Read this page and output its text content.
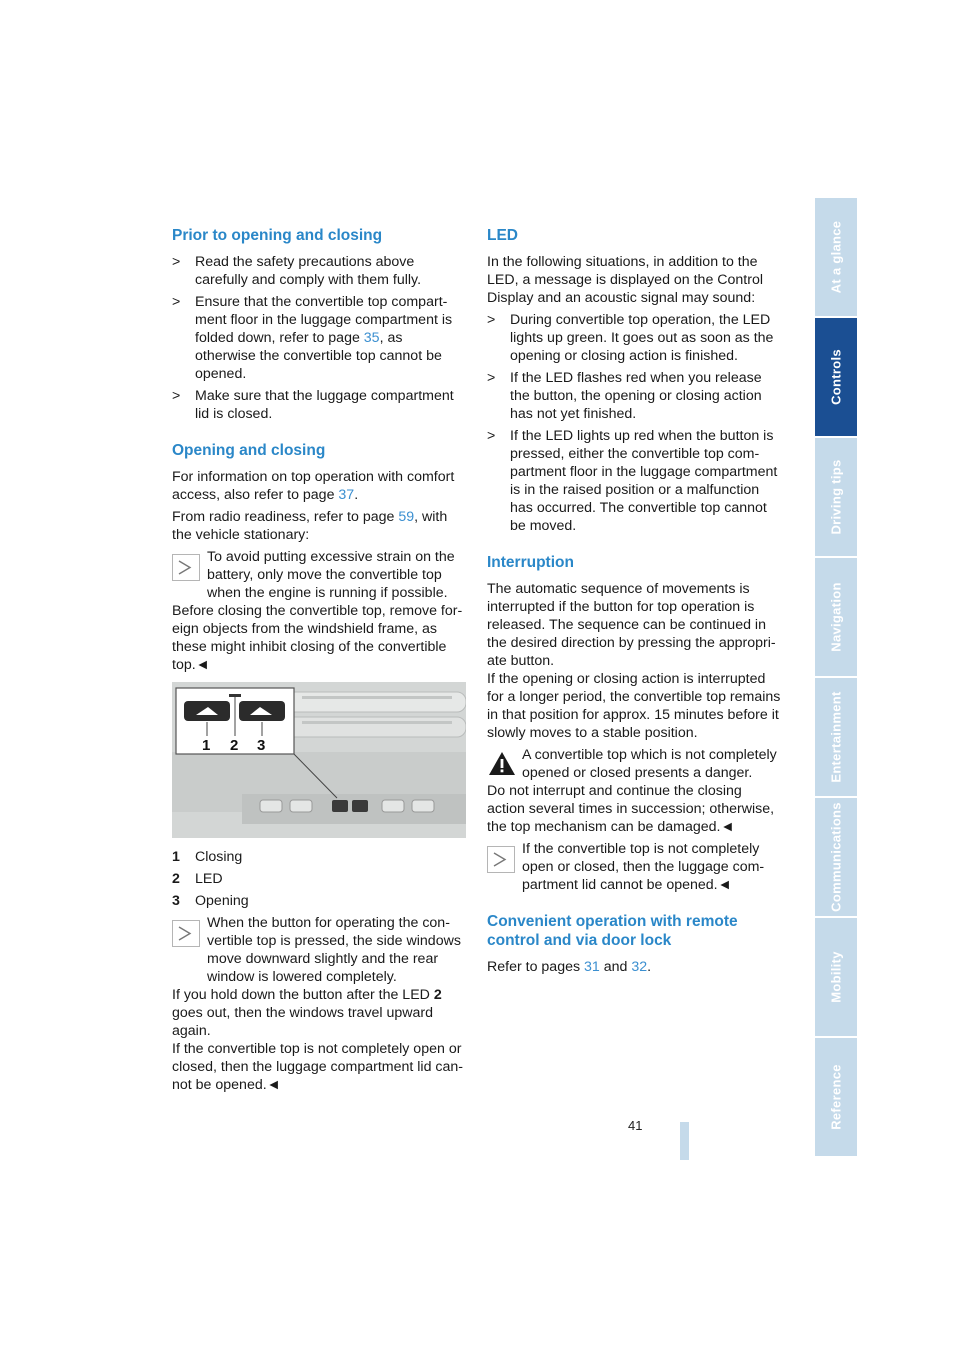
Prior to opening and closing
>	Read the safety precautions above carefully and comply with them fully.
>	Ensure that the convertible top compartment floor in the luggage compartment is folded down, refer to page 35, as otherwise the convertible top cannot be opened.
>	Make sure that the luggage compartment lid is closed.
Opening and closing

For information on top operation with comfort access, also refer to page 37.

From radio readiness, refer to page 59, with the vehicle stationary:

To avoid putting excessive strain on the battery, only move the convertible top when the engine is running if possible.
Before closing the convertible top, remove foreign objects from the windshield frame, as these might inhibit closing of the convertible top.◄
1 2 3
1	Closing
2	LED
3	Opening
When the button for operating the convertible top is pressed, the side windows move downward slightly and the rear window is lowered completely.
If you hold down the button after the LED 2 goes out, then the windows travel upward again.
If the convertible top is not completely open or closed, then the luggage compartment lid cannot be opened.◄
LED

In the following situations, in addition to the LED, a message is displayed on the Control Display and an acoustic signal may sound:

>	During convertible top operation, the LED lights up green. It goes out as soon as the opening or closing action is finished.
>	If the LED flashes red when you release the button, the opening or closing action has not yet finished.
>	If the LED lights up red when the button is pressed, either the convertible top compartment floor in the luggage compartment is in the raised position or a malfunction has occurred. The convertible top cannot be moved.
Interruption

The automatic sequence of movements is interrupted if the button for top operation is released. The sequence can be continued in the desired direction by pressing the appropriate button.

If the opening or closing action is interrupted for a longer period, the convertible top remains in that position for approx. 15 minutes before it slowly moves to a stable position.

A convertible top which is not completely opened or closed presents a danger.
Do not interrupt and continue the closing action several times in succession; otherwise, the top mechanism can be damaged.◄
If the convertible top is not completely open or closed, then the luggage compartment lid cannot be opened.◄
Convenient operation with remote control and via door lock

Refer to pages 31 and 32.

At a glance
Controls
Driving tips
Navigation
Entertainment
Communications
Mobility
Reference
41
